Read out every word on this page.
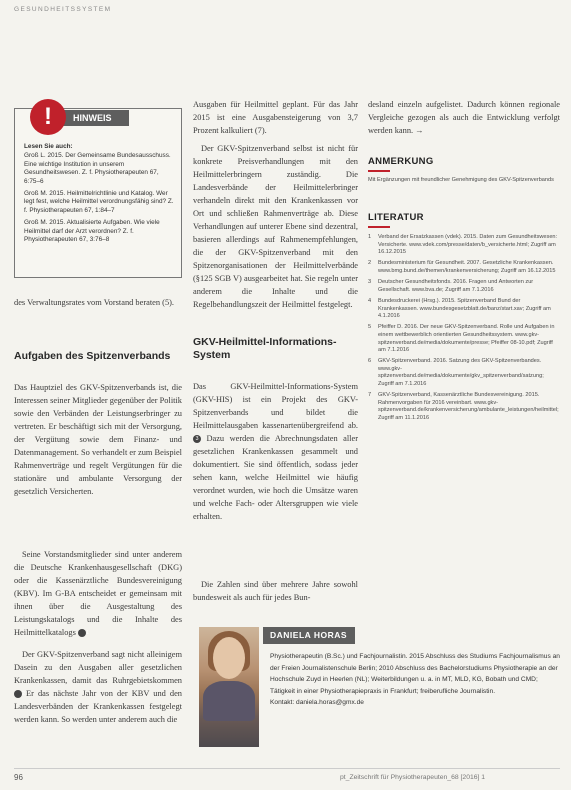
GESUNDHEITSSYSTEM
HINWEIS
!
Lesen Sie auch:
Groß L. 2015. Der Gemeinsame Bundesausschuss. Eine wichtige Institution in unserem Gesundheitswesen. Z. f. Physiotherapeuten 67, 6:75–6
Groß M. 2015. Heilmittelrichtlinie und Katalog. Wer legt fest, welche Heilmittel verordnungsfähig sind? Z. f. Physiotherapeuten 67, 1:84–7
Groß M. 2015. Aktualisierte Aufgaben. Wie viele Heilmittel darf der Arzt verordnen? Z. f. Physiotherapeuten 67, 3:76–8
des Verwaltungsrates vom Vorstand beraten (5).
Aufgaben des Spitzenverbands
Das Hauptziel des GKV-Spitzenverbands ist, die Interessen seiner Mitglieder gegenüber der Politik sowie den Verbänden der Leistungserbringer zu vertreten. Er beschäftigt sich mit der Versorgung, der Vergütung sowie dem Finanz- und Datenmanagement. So verhandelt er zum Beispiel Rahmenverträge und regelt Vergütungen für die stationäre und ambulante Versorgung der gesetzlich Versicherten.
Seine Vorstandsmitglieder sind unter anderem die Deutsche Krankenhausgesellschaft (DKG) oder die Kassenärztliche Bundesvereinigung (KBV). Im G-BA entscheidet er gemeinsam mit ihnen über die Ausgestaltung des Leistungskatalogs und die Inhalte des Heilmittelkatalogs 1
Der GKV-Spitzenverband sagt nicht alleinigem Dasein zu den Ausgaben aller gesetzlichen Krankenkassen, damit das Ruhrgebietskommen 2 Er das nächste Jahr von der KBV und den Landesverbänden der Krankenkassen festgelegt werden kann. So werden unter anderem auch die
Ausgaben für Heilmittel geplant. Für das Jahr 2015 ist eine Ausgabensteigerung von 3,7 Prozent kalkuliert (7).
Der GKV-Spitzenverband selbst ist nicht für konkrete Preisverhandlungen mit den Heilmittelerbringern zuständig. Die Landesverbände der Heilmittelerbringer verhandeln direkt mit den Krankenkassen vor Ort und schließen Rahmenverträge ab. Diese Verhandlungen auf unterer Ebene sind dezentral, basieren allerdings auf Rahmenempfehlungen, die der GKV-Spitzenverband mit den Spitzenorganisationen der Heilmittelverbände (§125 SGB V) ausgearbeitet hat. Sie regeln unter anderem die Inhalte und die Regelbehandlungszeit der Heilmittel festgelegt.
GKV-Heilmittel-Informations-System
Das GKV-Heilmittel-Informations-System (GKV-HIS) ist ein Projekt des GKV-Spitzenverbands und bildet die Heilmittelausgaben kassenartenübergreifend ab. 3 Dazu werden die Abrechnungsdaten aller gesetzlichen Krankenkassen gesammelt und dokumentiert. Sie sind öffentlich, sodass jeder sehen kann, welche Heilmittel wie häufig verordnet wurden, wie hoch die Umsätze waren und welche Fach- oder Altersgruppen wie viele erhalten.
Die Zahlen sind über mehrere Jahre sowohl bundesweit als auch für jedes Bun-
desland einzeln aufgelistet. Dadurch können regionale Vergleiche gezogen als auch die Entwicklung verfolgt werden kann. →
ANMERKUNG
Mit Ergänzungen mit freundlicher Genehmigung des GKV-Spitzenverbands
LITERATUR
1	Verband der Ersatzkassen (vdek). 2015. Daten zum Gesundheitswesen: Versicherte. www.vdek.com/presse/daten/b_versicherte.html; Zugriff am 16.12.2015
2	Bundesministerium für Gesundheit. 2007. Gesetzliche Krankenkassen. www.bmg.bund.de/themen/krankenversicherung; Zugriff am 16.12.2015
3	Deutscher Gesundheitsfonds. 2016. Fragen und Antworten zur Gesellschaft. www.bva.de; Zugriff am 7.1.2016
4	Bundesdruckerei (Hrsg.). 2015. Spitzenverband Bund der Krankenkassen. www.bundesgesetzblatt.de/banz/start.xav; Zugriff am 4.1.2016
5	Pfeiffer D. 2016. Der neue GKV-Spitzenverband. Rolle und Aufgaben in einem wettbewerblich orientierten Gesundheitssystem. www.gkv-spitzenverband.de/media/dokumente/presse; Pfeiffer 08-10.pdf; Zugriff am 7.1.2016
6	GKV-Spitzenverband. 2016. Satzung des GKV-Spitzenverbandes. www.gkv-spitzenverband.de/media/dokumente/gkv_spitzenverband/satzung; Zugriff am 7.1.2016
7	GKV-Spitzenverband, Kassenärztliche Bundesvereinigung. 2015. Rahmenvorgaben für 2016 vereinbart. www.gkv-spitzenverband.de/krankenversicherung/ambulante_leistungen/heilmittel; Zugriff am 11.1.2016
DANIELA HORAS
Physiotherapeutin (B.Sc.) und Fachjournalistin. 2015 Abschluss des Studiums Fachjournalismus an der Freien Journalistenschule Berlin; 2010 Abschluss des Bachelorstudiums Physiotherapie an der Hochschule Zuyd in Heerlen (NL); Weiterbildungen u. a. in MT, MLD, KG, Bobath und CMD; Tätigkeit in einer Physiotherapiepraxis in Frankfurt; freiberufliche Journalistin.
Kontakt: daniela.horas@gmx.de
96	pt_Zeitschrift für Physiotherapeuten_68 [2016] 1
